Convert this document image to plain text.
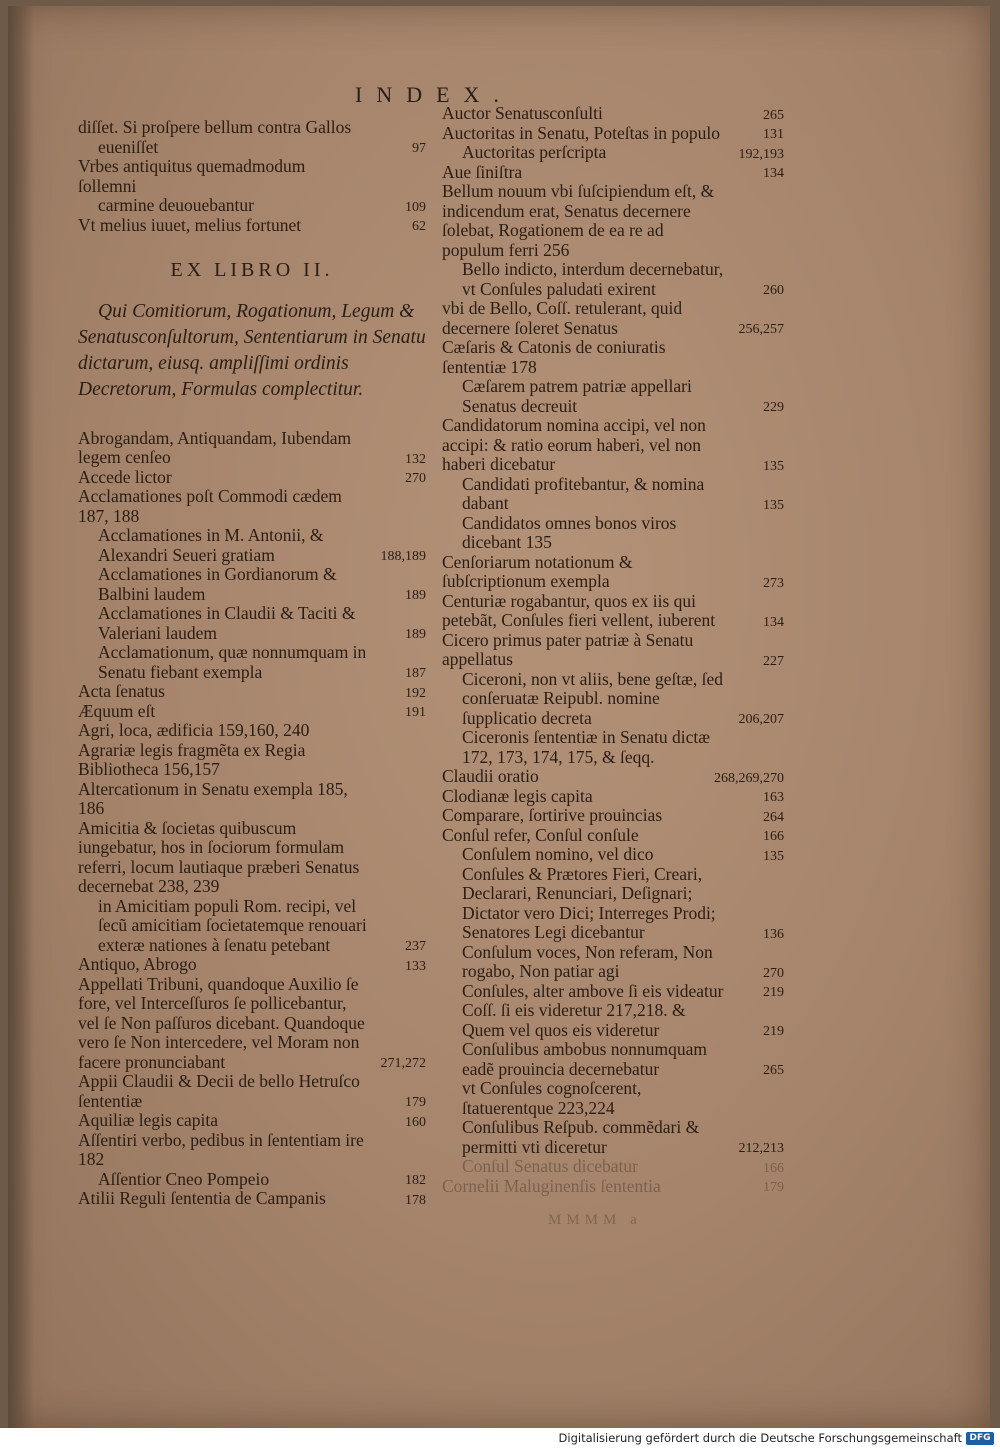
INDEX.
diſſet. Si proſpere bellum contra Gallos
eueniſſet	97
Vrbes antiquitus quemadmodum ſollemni
carmine deuouebantur	109
Vt melius iuuet, melius fortunet	62
EX LIBRO II.
Qui Comitiorum, Rogationum, Legum & Senatusconſultorum, Sententiarum in Senatu dictarum, eiusq. ampliſſimi ordinis Decretorum, Formulas complectitur.
Abrogandam, Antiquandam, Iubendam legem cenſeo	132
Accede lictor	270
Acclamationes poſt Commodi cædem 187, 188
Acclamationes in M. Antonii, & Alexandri Seueri gratiam	188,189
Acclamationes in Gordianorum & Balbini laudem	189
Acclamationes in Claudii & Taciti & Valeriani laudem	189
Acclamationum, quæ nonnumquam in Senatu fiebant exempla	187
Acta ſenatus	192
Æquum eſt	191
Agri, loca, ædificia 159,160, 240
Agrariæ legis fragmẽta ex Regia Bibliotheca 156,157
Altercationum in Senatu exempla 185, 186
Amicitia & ſocietas quibuscum iungebatur, hos in ſociorum formulam referri, locum lautiaque præberi Senatus decernebat 238, 239
in Amicitiam populi Rom. recipi, vel ſecũ amicitiam ſocietatemque renouari exteræ nationes à ſenatu petebant	237
Antiquo, Abrogo	133
Appellati Tribuni, quandoque Auxilio ſe fore, vel Interceſſuros ſe pollicebantur, vel ſe Non paſſuros dicebant. Quandoque vero ſe Non intercedere, vel Moram non facere pronunciabant	271,272
Appii Claudii & Decii de bello Hetruſco ſententiæ	179
Aquiliæ legis capita	160
Aſſentiri verbo, pedibus in ſententiam ire 182
Aſſentior Cneo Pompeio	182
Atilii Reguli ſententia de Campanis	178
Auctor Senatusconſulti	265
Auctoritas in Senatu, Poteſtas in populo	131
Auctoritas perſcripta	192,193
Aue ſiniſtra	134
Bellum nouum vbi ſuſcipiendum eſt, & indicendum erat, Senatus decernere ſolebat, Rogationem de ea re ad populum ferri 256
Bello indicto, interdum decernebatur, vt Conſules paludati exirent	260
vbi de Bello, Coſſ. retulerant, quid decernere ſoleret Senatus	256,257
Cæſaris & Catonis de coniuratis ſententiæ 178
Cæſarem patrem patriæ appellari Senatus decreuit	229
Candidatorum nomina accipi, vel non accipi: & ratio eorum haberi, vel non haberi dicebatur	135
Candidati profitebantur, & nomina dabant	135
Candidatos omnes bonos viros dicebant 135
Cenſoriarum notationum & ſubſcriptionum exempla	273
Centuriæ rogabantur, quos ex iis qui petebãt, Conſules fieri vellent, iuberent	134
Cicero primus pater patriæ à Senatu appellatus	227
Ciceroni, non vt aliis, bene geſtæ, ſed conſeruatæ Reipubl. nomine ſupplicatio decreta	206,207
Ciceronis ſententiæ in Senatu dictæ 172, 173, 174, 175, & ſeqq.
Claudii oratio	268,269,270
Clodianæ legis capita	163
Comparare, ſortirive prouincias	264
Conſul refer, Conſul conſule	166
Conſulem nomino, vel dico	135
Conſules & Prætores Fieri, Creari, Declarari, Renunciari, Deſignari; Dictator vero Dici; Interreges Prodi; Senatores Legi dicebantur	136
Conſulum voces, Non referam, Non rogabo, Non patiar agi	270
Conſules, alter ambove ſi eis videatur	219
Coſſ. ſi eis videretur 217,218. & Quem vel quos eis videretur	219
Conſulibus ambobus nonnumquam eadẽ prouincia decernebatur	265
vt Conſules cognoſcerent, ſtatuerentque 223,224
Conſulibus Reſpub. commẽdari & permitti vti diceretur	212,213
Conſul Senatus dicebatur	166
Cornelii Maluginenſis ſententia	179
MMMM a
Digitalisierung gefördert durch die Deutsche Forschungsgemeinschaft DFG
